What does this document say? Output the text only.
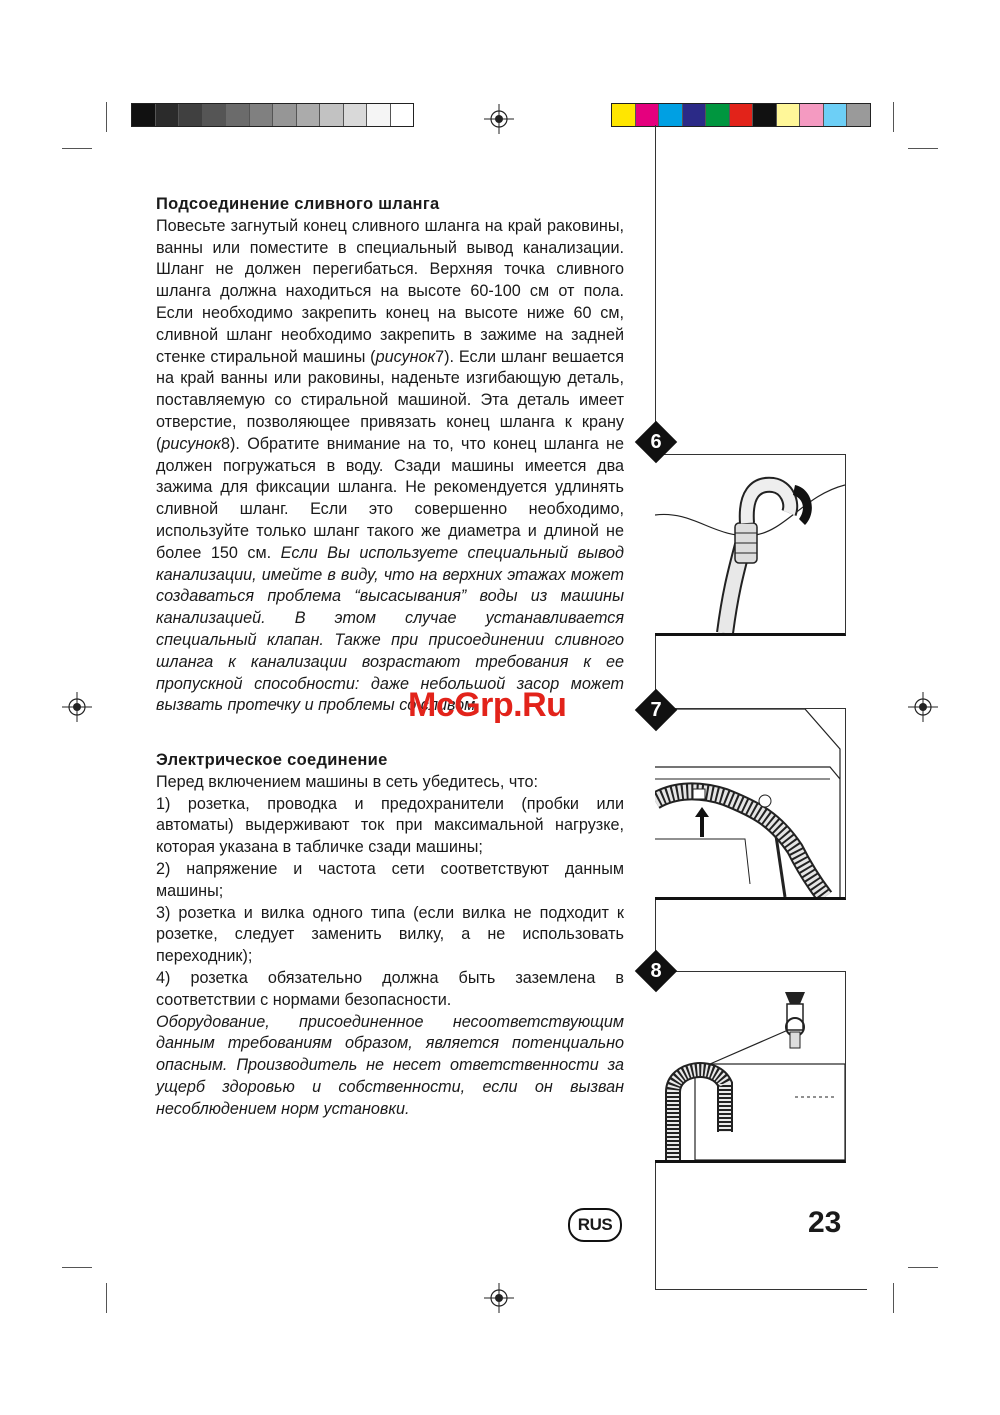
Подсоединение сливного шланга

Повесьте загнутый конец сливного шланга на край раковины, ванны или поместите в специальный вывод канализации. Шланг не должен перегибаться. Верхняя точка сливного шланга должна находиться на высоте 60-100 см от пола. Если необходимо закрепить конец на высоте ниже 60 см, сливной шланг необходимо закрепить в зажиме на задней стенке стиральной машины (рисунок7). Если шланг вешается на край ванны или раковины, наденьте изгибающую деталь, поставляемую со стиральной машиной. Эта деталь имеет отверстие, позволяющее привязать конец шланга к крану (рисунок8). Обратите внимание на то, что конец шланга не должен погружаться в воду. Сзади машины имеется два зажима для фиксации шланга. Не рекомендуется удлинять сливной шланг. Если это совершенно необходимо, используйте только шланг такого же диаметра и длиной не более 150 см. Если Вы используете специальный вывод канализации, имейте в виду, что на верхних этажах может создаваться проблема “высасывания” воды из машины канализацией. В этом случае устанавливается специальный клапан. Также при присоединении сливного шланга к канализации возрастают требования к ее пропускной способности: даже небольшой засор может вызвать протечку и проблемы со сливом.

Электрическое соединение

Перед включением машины в сеть убедитесь, что:

1) розетка, проводка и предохранители (пробки или автоматы) выдерживают ток при максимальной нагрузке, которая указана в табличке сзади машины;

2) напряжение и частота сети соответствуют данным машины;

3) розетка и вилка одного типа (если вилка не подходит к розетке, следует заменить вилку, а не использовать переходник);

4) розетка обязательно должна быть заземлена в соответствии с нормами безопасности.

Оборудование, присоединенное несоответствующим данным требованиям образом, является потенциально опасным. Производитель не несет ответственности за ущерб здоровью и собственности, если он вызван несоблюдением норм установки.

McGrp.Ru
6
7
8
RUS	23
